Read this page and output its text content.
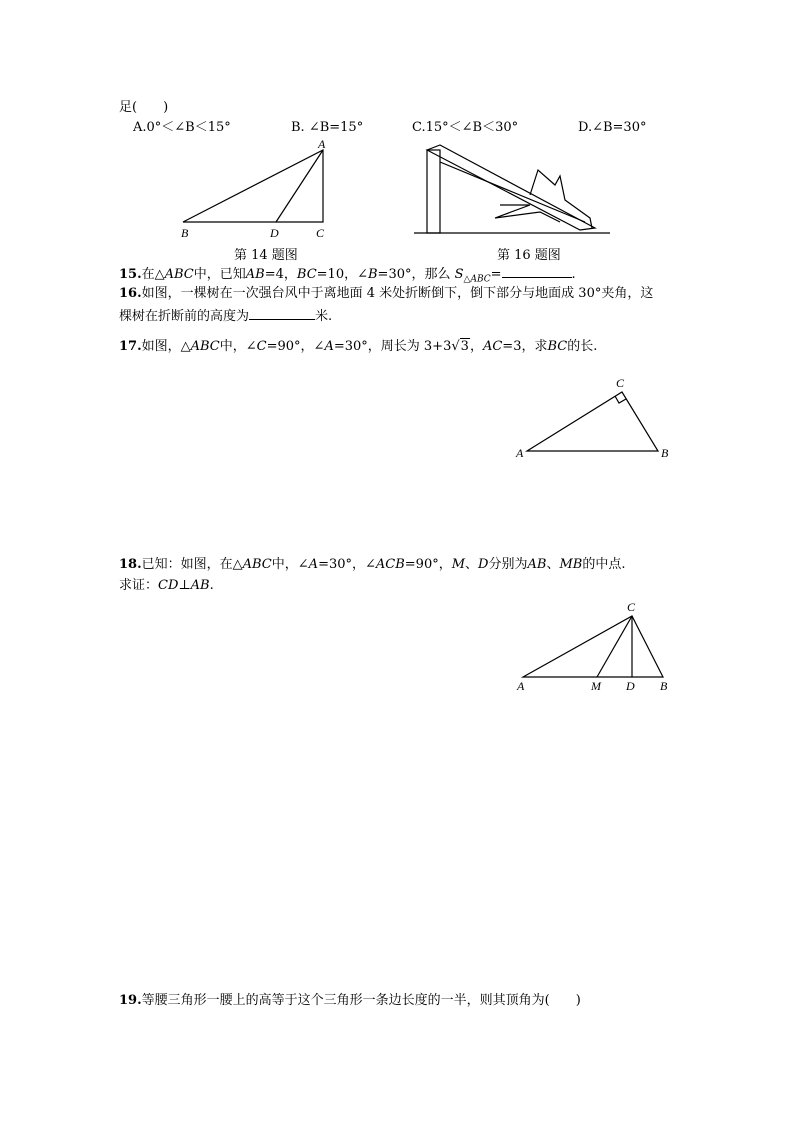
足(　　)
A.0°＜∠B＜15°	B. ∠B=15°	C.15°＜∠B＜30°	D.∠B=30°
A
B	D	C
第 14 题图	第 16 题图
15.在△ABC中，已知AB=4，BC=10，∠B=30°，那么 $S_{\triangle ABC}=$	.
16.如图，一棵树在一次强台风中于离地面 4 米处折断倒下，倒下部分与地面成 30°夹角，这
棵树在折断前的高度为	米.
17.如图，△ABC中，∠C=90°，∠A=30°，周长为 3+3√3，AC=3，求BC的长.
C
A	B
18.已知：如图，在△ABC中，∠A=30°，∠ACB=90°，M、D分别为AB、MB的中点.
求证：CD⊥AB.
C
A	M D B
19.等腰三角形一腰上的高等于这个三角形一条边长度的一半，则其顶角为(　　)
